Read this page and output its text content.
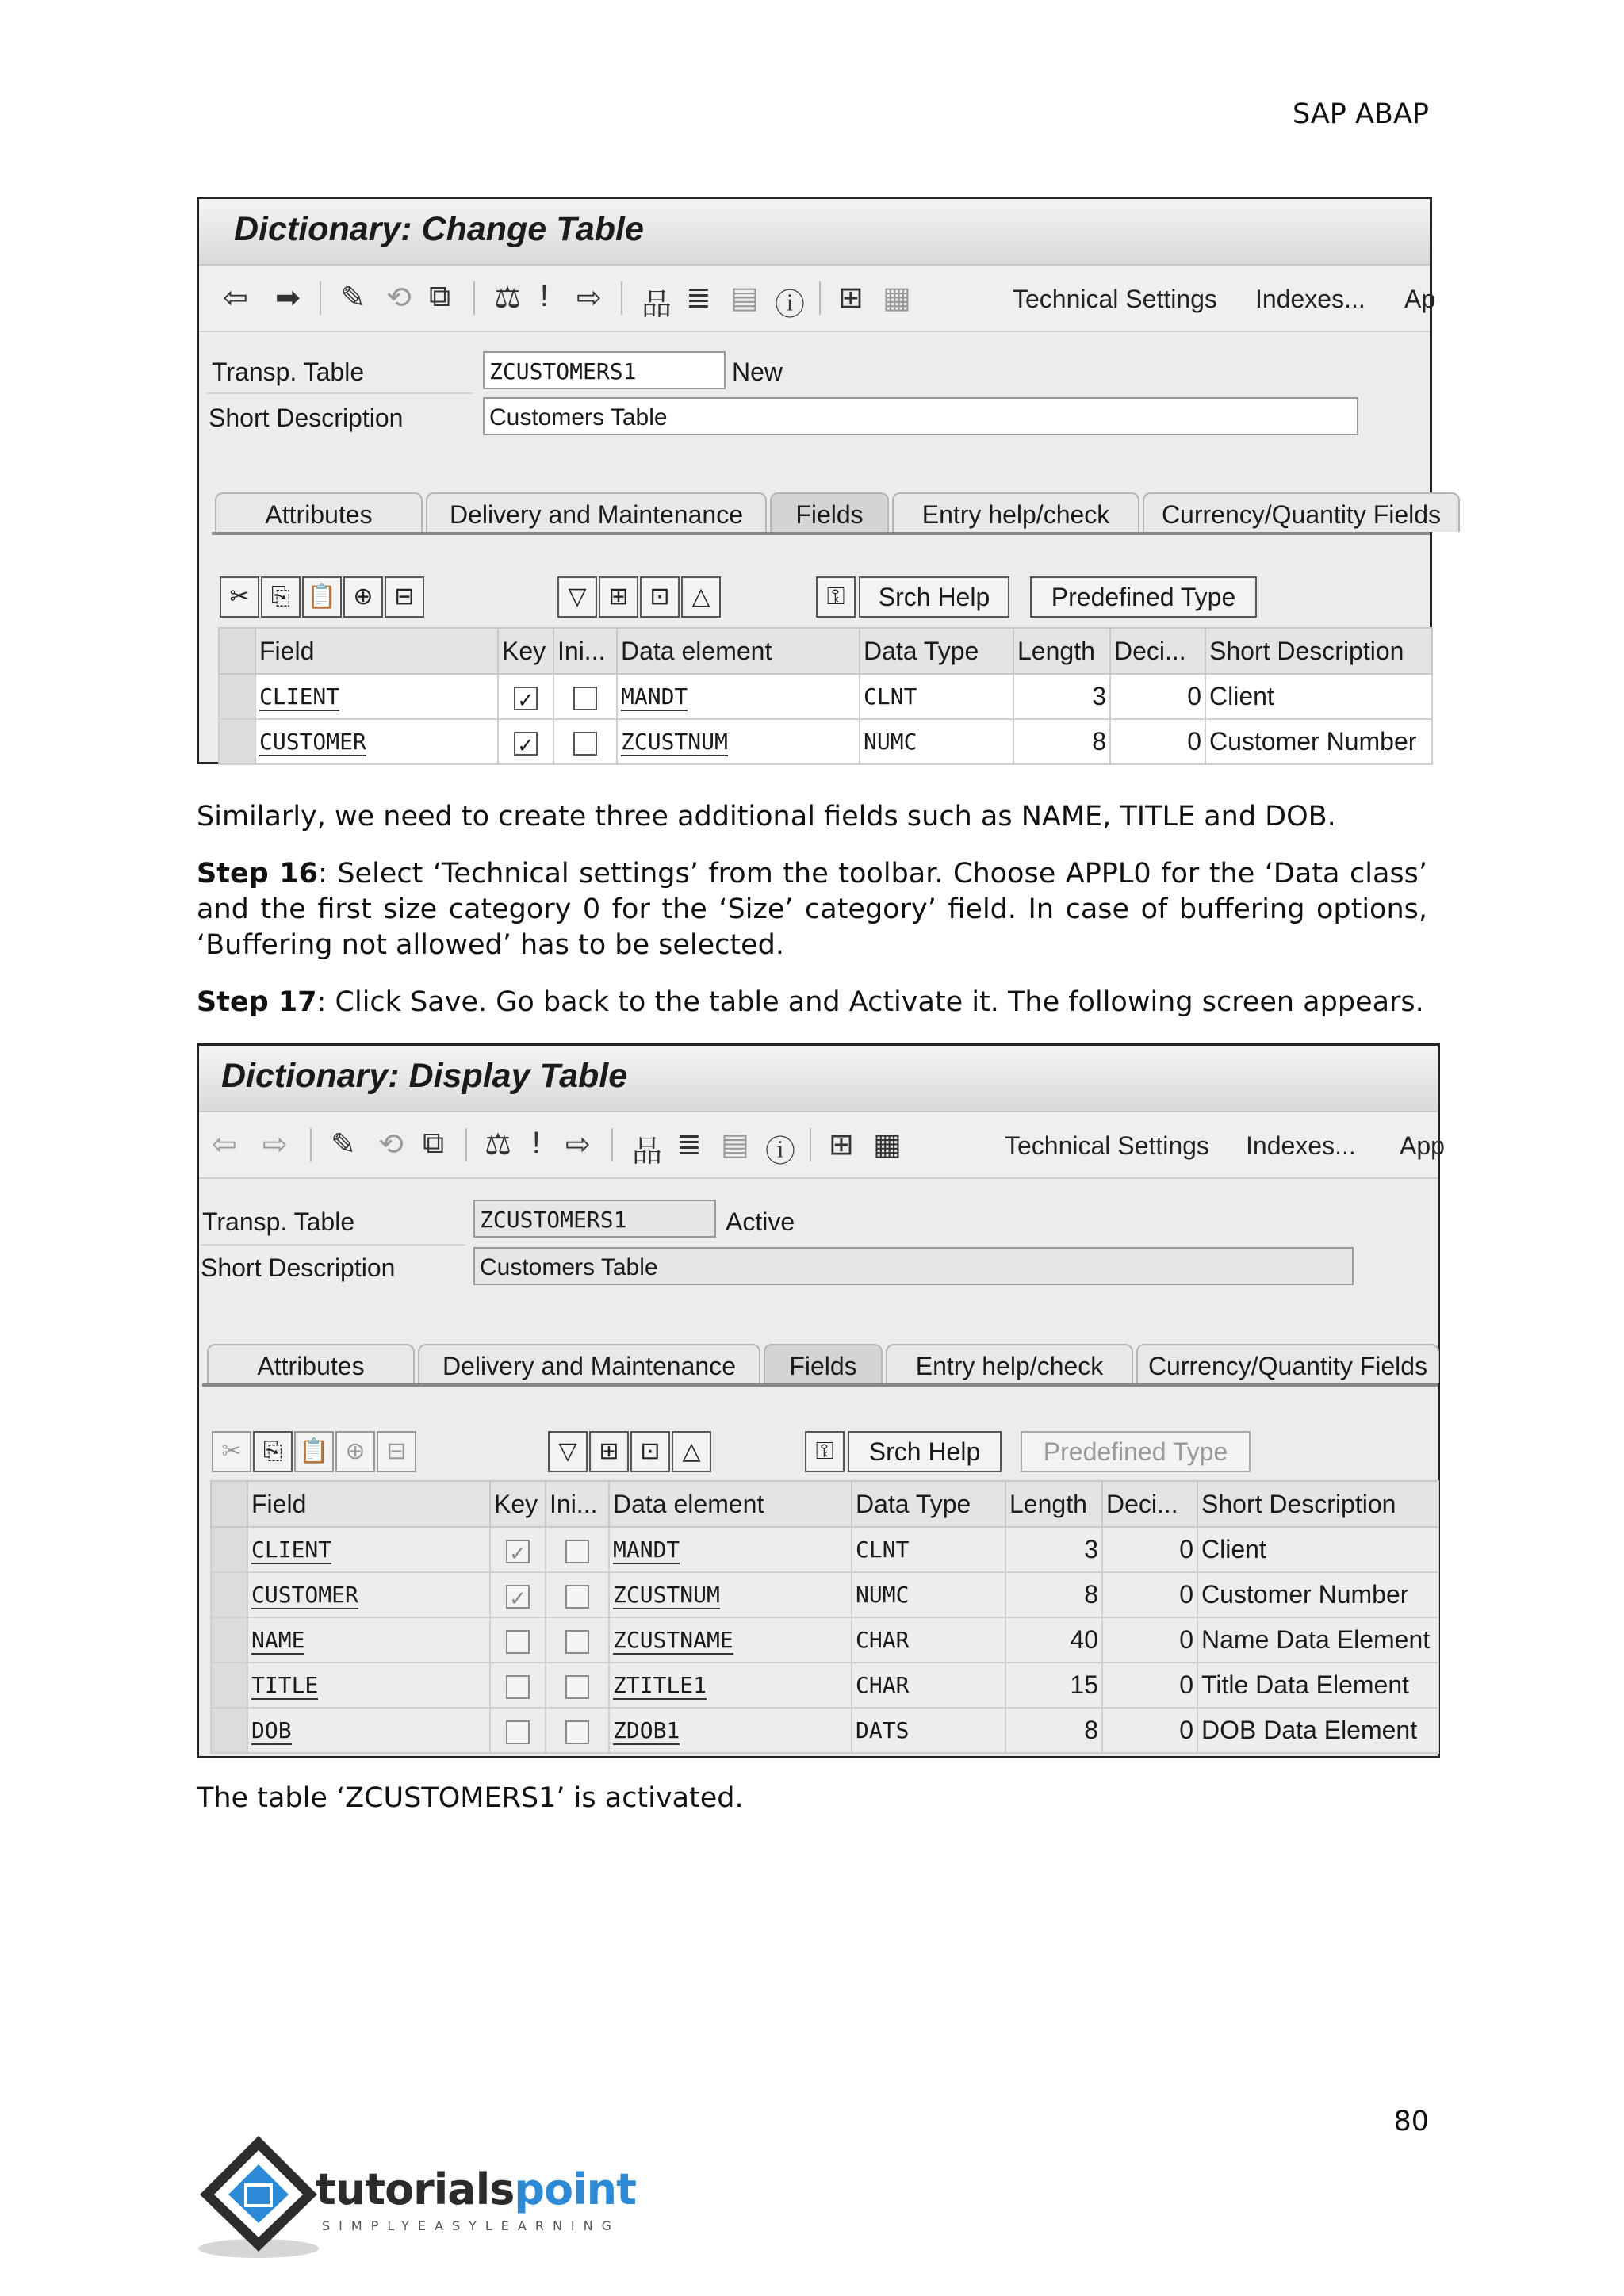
SAP ABAP
Dictionary: Change Table
⇦ ➡ ✎ ⟲ ⧉ ⚖ ǃ ⇨ 品 ≣ ▤ ⓘ ⊞ ▦	Technical Settings Indexes... Ap
Transp. Table	ZCUSTOMERS1	New
Short Description	Customers Table
Attributes	Delivery and Maintenance	Fields	Entry help/check	Currency/Quantity Fields
✂ ⎘ 📋 ⊕ ⊟	▽ ⊞ ⊡ △	⚿	Srch Help	Predefined Type
	Field	Key	Ini...	Data element	Data Type	Length	Deci...	Short Description
	CLIENT	✓		MANDT	CLNT	3	0	Client
	CUSTOMER	✓		ZCUSTNUM	NUMC	8	0	Customer Number
Similarly, we need to create three additional fields such as NAME, TITLE and DOB.
Step 16: Select ‘Technical settings’ from the toolbar. Choose APPL0 for the ‘Data class’ and the first size category 0 for the ‘Size’ category’ field. In case of buffering options, ‘Buffering not allowed’ has to be selected.
Step 17: Click Save. Go back to the table and Activate it. The following screen appears.
Dictionary: Display Table
⇦ ⇨ ✎ ⟲ ⧉ ⚖ ǃ ⇨ 品 ≣ ▤ ⓘ ⊞ ▦	Technical Settings Indexes... App
Transp. Table	ZCUSTOMERS1	Active
Short Description	Customers Table
Attributes	Delivery and Maintenance	Fields	Entry help/check	Currency/Quantity Fields
✂ ⎘ 📋 ⊕ ⊟	▽ ⊞ ⊡ △	⚿	Srch Help	Predefined Type
	Field	Key	Ini...	Data element	Data Type	Length	Deci...	Short Description
	CLIENT	✓		MANDT	CLNT	3	0	Client
	CUSTOMER	✓		ZCUSTNUM	NUMC	8	0	Customer Number
	NAME			ZCUSTNAME	CHAR	40	0	Name Data Element
	TITLE			ZTITLE1	CHAR	15	0	Title Data Element
	DOB			ZDOB1	DATS	8	0	DOB Data Element
The table ‘ZCUSTOMERS1’ is activated.
80
tutorialspoint
SIMPLYEASYLEARNING
